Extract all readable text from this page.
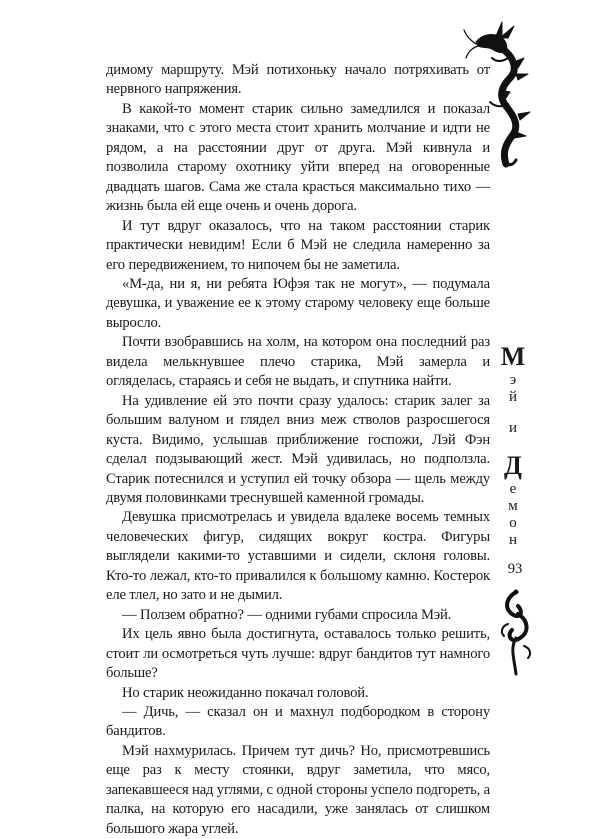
димому маршруту. Мэй потихоньку начало потряхивать от нервного напряжения.

В какой-то момент старик сильно замедлился и показал знаками, что с этого места стоит хранить молчание и идти не рядом, а на расстоянии друг от друга. Мэй кивнула и позволила старому охотнику уйти вперед на оговоренные двадцать шагов. Сама же стала красться максимально тихо — жизнь была ей еще очень и очень дорога.

И тут вдруг оказалось, что на таком расстоянии старик практически невидим! Если б Мэй не следила намеренно за его передвижением, то нипочем бы не заметила.

«М-да, ни я, ни ребята Юфэя так не могут», — подумала девушка, и уважение ее к этому старому человеку еще больше выросло.

Почти взобравшись на холм, на котором она последний раз видела мелькнувшее плечо старика, Мэй замерла и огляделась, стараясь и себя не выдать, и спутника найти.

На удивление ей это почти сразу удалось: старик залег за большим валуном и глядел вниз меж стволов разросшегося куста. Видимо, услышав приближение госпожи, Лэй Фэн сделал подзывающий жест. Мэй удивилась, но подползла. Старик потеснился и уступил ей точку обзора — щель между двумя половинками треснувшей каменной громады.

Девушка присмотрелась и увидела вдалеке восемь темных человеческих фигур, сидящих вокруг костра. Фигуры выглядели какими-то уставшими и сидели, склоня головы. Кто-то лежал, кто-то привалился к большому камню. Костерок еле тлел, но зато и не дымил.

— Ползем обратно? — одними губами спросила Мэй.

Их цель явно была достигнута, оставалось только решить, стоит ли осмотреться чуть лучше: вдруг бандитов тут намного больше?

Но старик неожиданно покачал головой.

— Дичь, — сказал он и махнул подбородком в сторону бандитов.

Мэй нахмурилась. Причем тут дичь? Но, присмотревшись еще раз к месту стоянки, вдруг заметила, что мясо, запекавшееся над углями, с одной стороны успело подгореть, а палка, на которую его насадили, уже занялась от слишком большого жара углей.

М
э
й
и
Д
е
м
о
н
93
